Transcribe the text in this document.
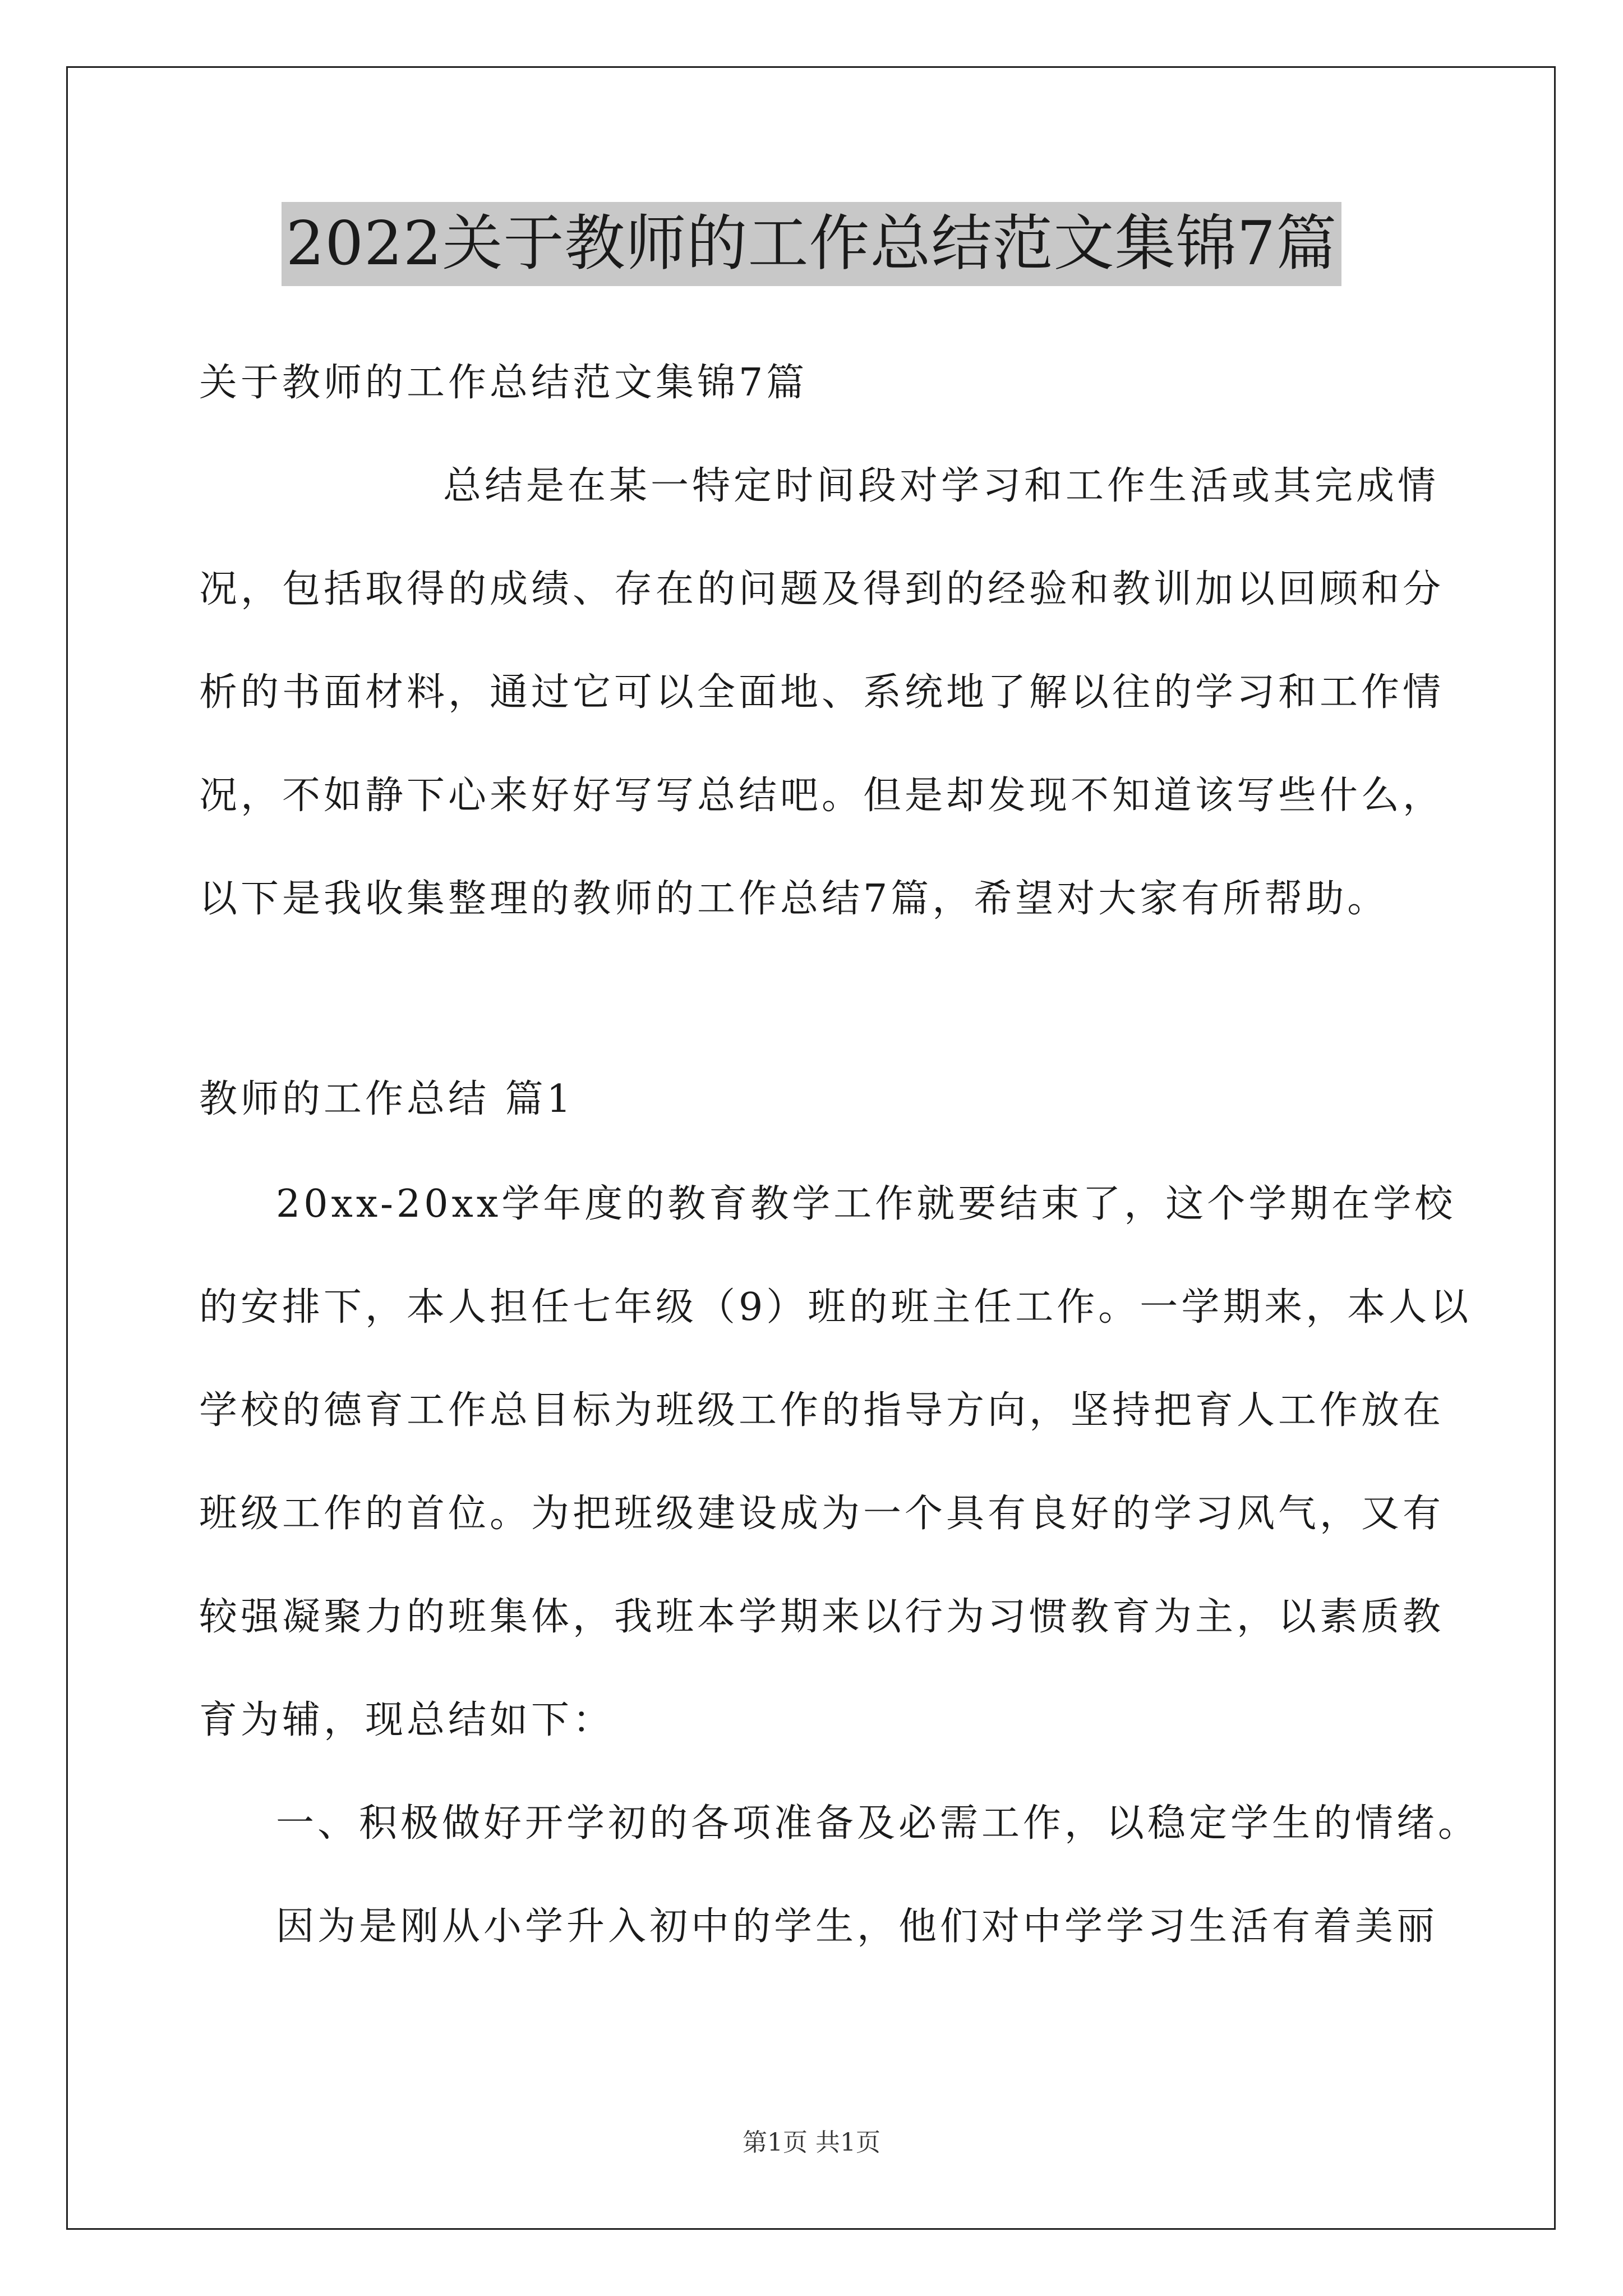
2022关于教师的工作总结范文集锦7篇
关于教师的工作总结范文集锦7篇
总结是在某一特定时间段对学习和工作生活或其完成情
况，包括取得的成绩、存在的问题及得到的经验和教训加以回顾和分
析的书面材料，通过它可以全面地、系统地了解以往的学习和工作情
况，不如静下心来好好写写总结吧。但是却发现不知道该写些什么，
以下是我收集整理的教师的工作总结7篇，希望对大家有所帮助。
教师的工作总结 篇1
20xx-20xx学年度的教育教学工作就要结束了，这个学期在学校
的安排下，本人担任七年级（9）班的班主任工作。一学期来，本人以
学校的德育工作总目标为班级工作的指导方向，坚持把育人工作放在
班级工作的首位。为把班级建设成为一个具有良好的学习风气，又有
较强凝聚力的班集体，我班本学期来以行为习惯教育为主，以素质教
育为辅，现总结如下：
一、积极做好开学初的各项准备及必需工作，以稳定学生的情绪。
因为是刚从小学升入初中的学生，他们对中学学习生活有着美丽
第1页 共1页
